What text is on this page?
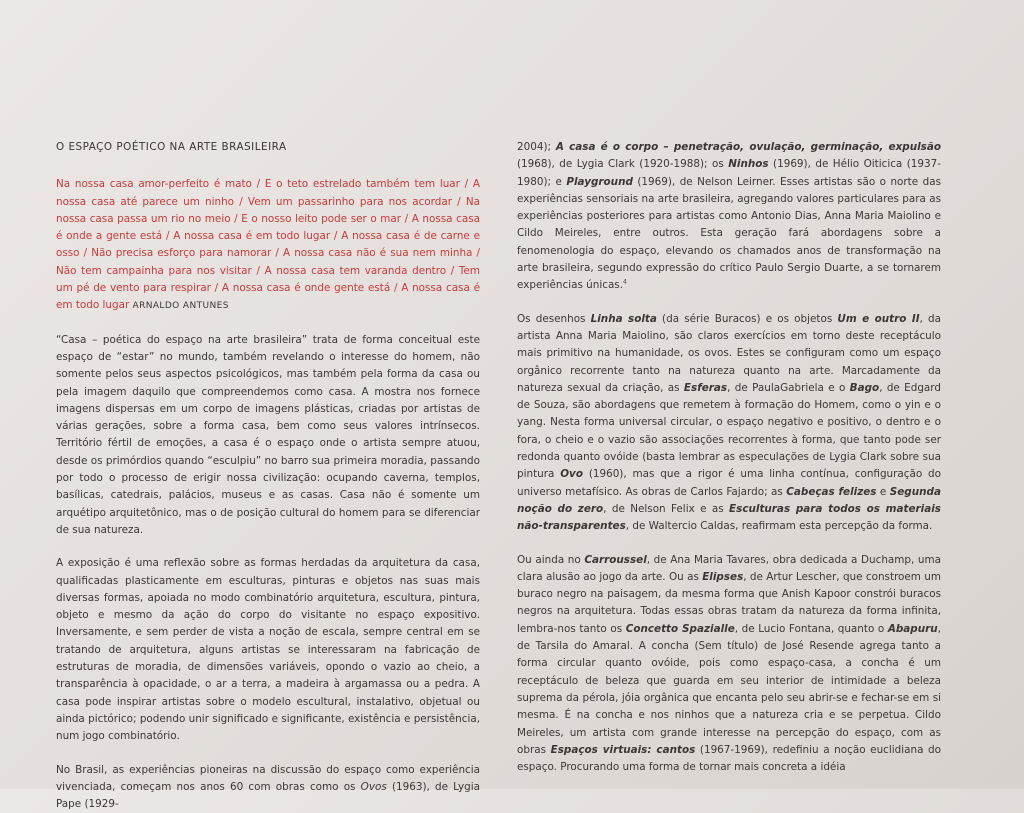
O ESPAÇO POÉTICO NA ARTE BRASILEIRA

Na nossa casa amor-perfeito é mato / E o teto estrelado também tem luar / A nossa casa até parece um ninho / Vem um passarinho para nos acordar / Na nossa casa passa um rio no meio / E o nosso leito pode ser o mar / A nossa casa é onde a gente está / A nossa casa é em todo lugar / A nossa casa é de carne e osso / Não precisa esforço para namorar / A nossa casa não é sua nem minha / Não tem campainha para nos visitar / A nossa casa tem varanda dentro / Tem um pé de vento para respirar / A nossa casa é onde gente está / A nossa casa é em todo lugar ARNALDO ANTUNES

“Casa – poética do espaço na arte brasileira” trata de forma conceitual este espaço de “estar” no mundo, também revelando o interesse do homem, não somente pelos seus aspectos psicológicos, mas também pela forma da casa ou pela imagem daquilo que compreendemos como casa. A mostra nos fornece imagens dispersas em um corpo de imagens plásticas, criadas por artistas de várias gerações, sobre a forma casa, bem como seus valores intrínsecos. Território fértil de emoções, a casa é o espaço onde o artista sempre atuou, desde os primórdios quando “esculpiu” no barro sua primeira moradia, passando por todo o processo de erigir nossa civilização: ocupando caverna, templos, basílicas, catedrais, palácios, museus e as casas. Casa não é somente um arquétipo arquitetônico, mas o de posição cultural do homem para se diferenciar de sua natureza.

A exposição é uma reflexão sobre as formas herdadas da arquitetura da casa, qualificadas plasticamente em esculturas, pinturas e objetos nas suas mais diversas formas, apoiada no modo combinatório arquitetura, escultura, pintura, objeto e mesmo da ação do corpo do visitante no espaço expositivo. Inversamente, e sem perder de vista a noção de escala, sempre central em se tratando de arquitetura, alguns artistas se interessaram na fabricação de estruturas de moradia, de dimensões variáveis, opondo o vazio ao cheio, a transparência à opacidade, o ar a terra, a madeira à argamassa ou a pedra. A casa pode inspirar artistas sobre o modelo escultural, instalativo, objetual ou ainda pictórico; podendo unir significado e significante, existência e persistência, num jogo combinatório.

No Brasil, as experiências pioneiras na discussão do espaço como experiência vivenciada, começam nos anos 60 com obras como os Ovos (1963), de Lygia Pape (1929-

2004); A casa é o corpo – penetração, ovulação, germinação, expulsão (1968), de Lygia Clark (1920-1988); os Ninhos (1969), de Hélio Oiticica (1937-1980); e Playground (1969), de Nelson Leirner. Esses artistas são o norte das experiências sensoriais na arte brasileira, agregando valores particulares para as experiências posteriores para artistas como Antonio Dias, Anna Maria Maiolino e Cildo Meireles, entre outros. Esta geração fará abordagens sobre a fenomenologia do espaço, elevando os chamados anos de transformação na arte brasileira, segundo expressão do crítico Paulo Sergio Duarte, a se tornarem experiências únicas.$^4$

Os desenhos Linha solta (da série Buracos) e os objetos Um e outro II, da artista Anna Maria Maiolino, são claros exercícios em torno deste receptáculo mais primitivo na humanidade, os ovos. Estes se configuram como um espaço orgânico recorrente tanto na natureza quanto na arte. Marcadamente da natureza sexual da criação, as Esferas, de PaulaGabriela e o Bago, de Edgard de Souza, são abordagens que remetem à formação do Homem, como o yin e o yang. Nesta forma universal circular, o espaço negativo e positivo, o dentro e o fora, o cheio e o vazio são associações recorrentes à forma, que tanto pode ser redonda quanto ovóide (basta lembrar as especulações de Lygia Clark sobre sua pintura Ovo (1960), mas que a rigor é uma linha contínua, configuração do universo metafísico. As obras de Carlos Fajardo; as Cabeças felizes e Segunda noção do zero, de Nelson Felix e as Esculturas para todos os materiais não-transparentes, de Waltercio Caldas, reafirmam esta percepção da forma.

Ou ainda no Carroussel, de Ana Maria Tavares, obra dedicada a Duchamp, uma clara alusão ao jogo da arte. Ou as Elipses, de Artur Lescher, que constroem um buraco negro na paisagem, da mesma forma que Anish Kapoor constrói buracos negros na arquitetura. Todas essas obras tratam da natureza da forma infinita, lembra-nos tanto os Concetto Spazialle, de Lucio Fontana, quanto o Abapuru, de Tarsila do Amaral. A concha (Sem título) de José Resende agrega tanto a forma circular quanto ovóide, pois como espaço-casa, a concha é um receptáculo de beleza que guarda em seu interior de intimidade a beleza suprema da pérola, jóia orgânica que encanta pelo seu abrir-se e fechar-se em si mesma. É na concha e nos ninhos que a natureza cria e se perpetua. Cildo Meireles, um artista com grande interesse na percepção do espaço, com as obras Espaços virtuais: cantos (1967-1969), redefiniu a noção euclidiana do espaço. Procurando uma forma de tornar mais concreta a idéia
